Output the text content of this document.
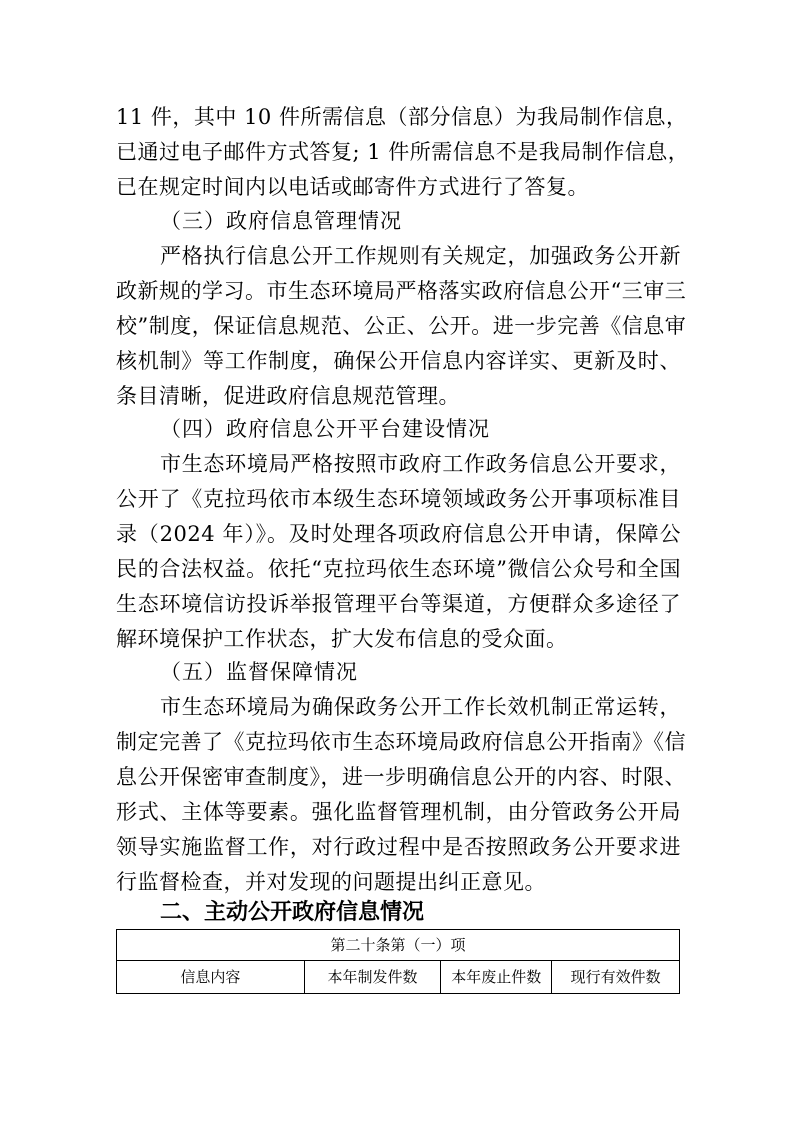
11 件，其中 10 件所需信息（部分信息）为我局制作信息，
已通过电子邮件方式答复; 1 件所需信息不是我局制作信息，
已在规定时间内以电话或邮寄件方式进行了答复。
（三）政府信息管理情况
严格执行信息公开工作规则有关规定，加强政务公开新
政新规的学习。市生态环境局严格落实政府信息公开“三审三
校”制度，保证信息规范、公正、公开。进一步完善《信息审
核机制》等工作制度，确保公开信息内容详实、更新及时、
条目清晰，促进政府信息规范管理。
（四）政府信息公开平台建设情况
市生态环境局严格按照市政府工作政务信息公开要求，
公开了《克拉玛依市本级生态环境领域政务公开事项标准目
录（2024 年）》。及时处理各项政府信息公开申请，保障公
民的合法权益。依托“克拉玛依生态环境”微信公众号和全国
生态环境信访投诉举报管理平台等渠道，方便群众多途径了
解环境保护工作状态，扩大发布信息的受众面。
（五）监督保障情况
市生态环境局为确保政务公开工作长效机制正常运转，
制定完善了《克拉玛依市生态环境局政府信息公开指南》《信
息公开保密审查制度》，进一步明确信息公开的内容、时限、
形式、主体等要素。强化监督管理机制，由分管政务公开局
领导实施监督工作，对行政过程中是否按照政务公开要求进
行监督检查，并对发现的问题提出纠正意见。
二、主动公开政府信息情况
第二十条第（一）项
信息内容	本年制发件数	本年废止件数	现行有效件数
